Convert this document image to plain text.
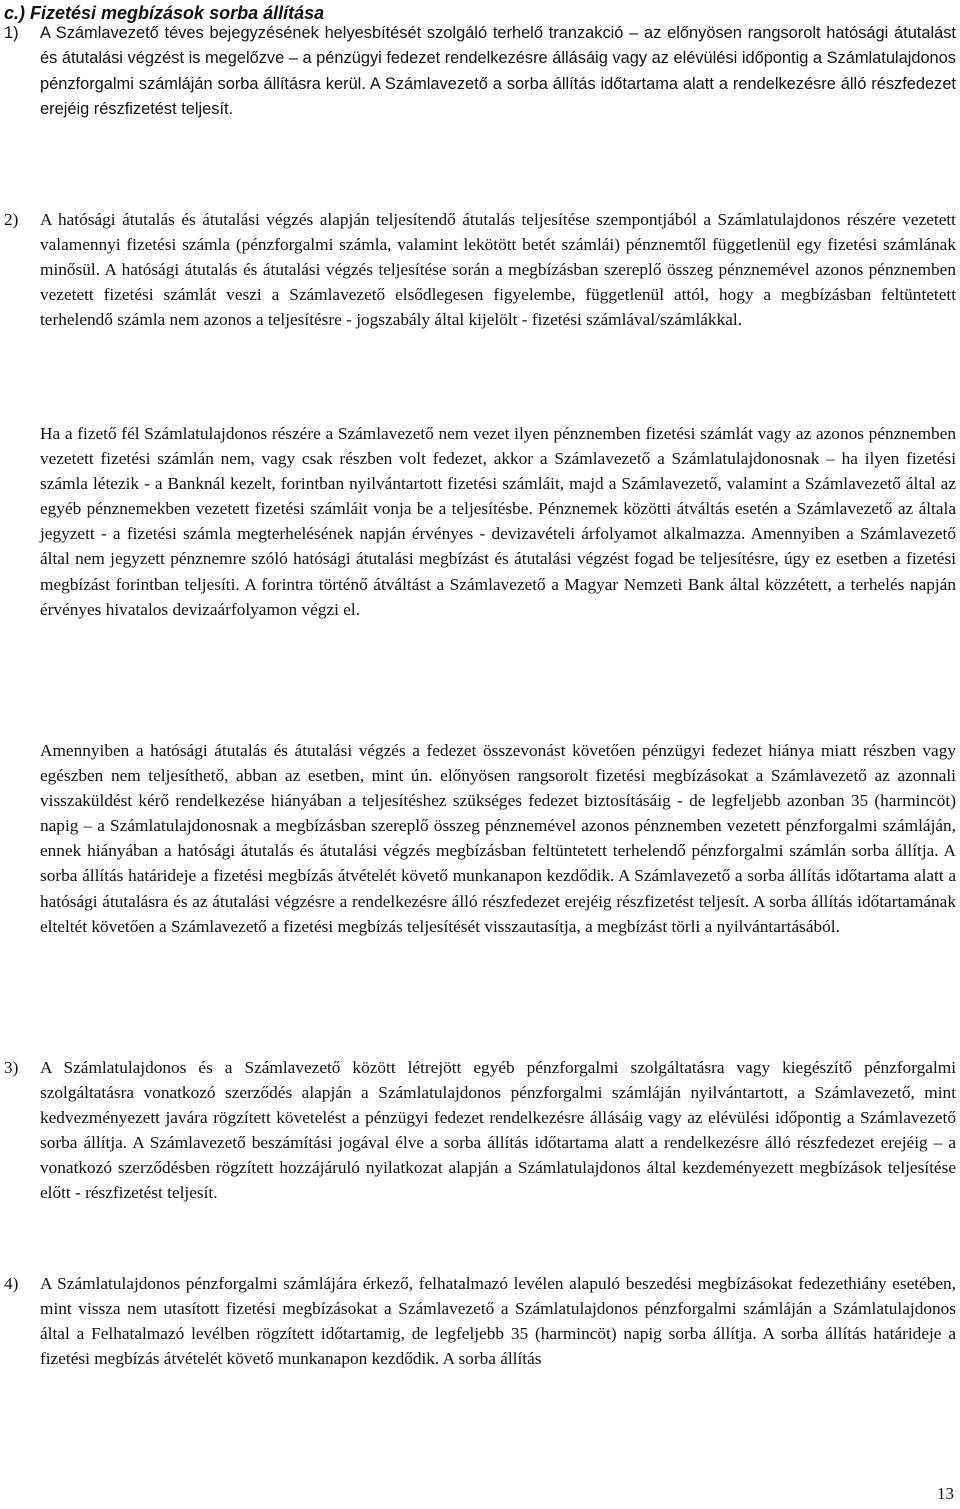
c.) Fizetési megbízások sorba állítása
1)	A Számlavezető téves bejegyzésének helyesbítését szolgáló terhelő tranzakció – az előnyösen rangsorolt hatósági átutalást és átutalási végzést is megelőzve – a pénzügyi fedezet rendelkezésre állásáig vagy az elévülési időpontig a Számlatulajdonos pénzforgalmi számláján sorba állításra kerül. A Számlavezető a sorba állítás időtartama alatt a rendelkezésre álló részfedezet erejéig részfizetést teljesít.

2)	A hatósági átutalás és átutalási végzés alapján teljesítendő átutalás teljesítése szempontjából a Számlatulajdonos részére vezetett valamennyi fizetési számla (pénzforgalmi számla, valamint lekötött betét számlái) pénznemtől függetlenül egy fizetési számlának minősül. A hatósági átutalás és átutalási végzés teljesítése során a megbízásban szereplő összeg pénznemével azonos pénznemben vezetett fizetési számlát veszi a Számlavezető elsődlegesen figyelembe, függetlenül attól, hogy a megbízásban feltüntetett terhelendő számla nem azonos a teljesítésre - jogszabály által kijelölt - fizetési számlával/számlákkal.

Ha a fizető fél Számlatulajdonos részére a Számlavezető nem vezet ilyen pénznemben fizetési számlát vagy az azonos pénznemben vezetett fizetési számlán nem, vagy csak részben volt fedezet, akkor a Számlavezető a Számlatulajdonosnak – ha ilyen fizetési számla létezik - a Banknál kezelt, forintban nyilvántartott fizetési számláit, majd a Számlavezető, valamint a Számlavezető által az egyéb pénznemekben vezetett fizetési számláit vonja be a teljesítésbe. Pénznemek közötti átváltás esetén a Számlavezető az általa jegyzett - a fizetési számla megterhelésének napján érvényes - devizavételi árfolyamot alkalmazza. Amennyiben a Számlavezető által nem jegyzett pénznemre szóló hatósági átutalási megbízást és átutalási végzést fogad be teljesítésre, úgy ez esetben a fizetési megbízást forintban teljesíti. A forintra történő átváltást a Számlavezető a Magyar Nemzeti Bank által közzétett, a terhelés napján érvényes hivatalos devizaárfolyamon végzi el.

Amennyiben a hatósági átutalás és átutalási végzés a fedezet összevonást követően pénzügyi fedezet hiánya miatt részben vagy egészben nem teljesíthető, abban az esetben, mint ún. előnyösen rangsorolt fizetési megbízásokat a Számlavezető az azonnali visszaküldést kérő rendelkezése hiányában a teljesítéshez szükséges fedezet biztosításáig - de legfeljebb azonban 35 (harmincöt) napig – a Számlatulajdonosnak a megbízásban szereplő összeg pénznemével azonos pénznemben vezetett pénzforgalmi számláján, ennek hiányában a hatósági átutalás és átutalási végzés megbízásban feltüntetett terhelendő pénzforgalmi számlán sorba állítja. A sorba állítás határideje a fizetési megbízás átvételét követő munkanapon kezdődik. A Számlavezető a sorba állítás időtartama alatt a hatósági átutalásra és az átutalási végzésre a rendelkezésre álló részfedezet erejéig részfizetést teljesít. A sorba állítás időtartamának elteltét követően a Számlavezető a fizetési megbízás teljesítését visszautasítja, a megbízást törli a nyilvántartásából.

3)	A Számlatulajdonos és a Számlavezető között létrejött egyéb pénzforgalmi szolgáltatásra vagy kiegészítő pénzforgalmi szolgáltatásra vonatkozó szerződés alapján a Számlatulajdonos pénzforgalmi számláján nyilvántartott, a Számlavezető, mint kedvezményezett javára rögzített követelést a pénzügyi fedezet rendelkezésre állásáig vagy az elévülési időpontig a Számlavezető sorba állítja. A Számlavezető beszámítási jogával élve a sorba állítás időtartama alatt a rendelkezésre álló részfedezet erejéig – a vonatkozó szerződésben rögzített hozzájáruló nyilatkozat alapján a Számlatulajdonos által kezdeményezett megbízások teljesítése előtt - részfizetést teljesít.

4)	A Számlatulajdonos pénzforgalmi számlájára érkező, felhatalmazó levélen alapuló beszedési megbízásokat fedezethiány esetében, mint vissza nem utasított fizetési megbízásokat a Számlavezető a Számlatulajdonos pénzforgalmi számláján a Számlatulajdonos által a Felhatalmazó levélben rögzített időtartamig, de legfeljebb 35 (harmincöt) napig sorba állítja. A sorba állítás határideje a fizetési megbízás átvételét követő munkanapon kezdődik. A sorba állítás

13
